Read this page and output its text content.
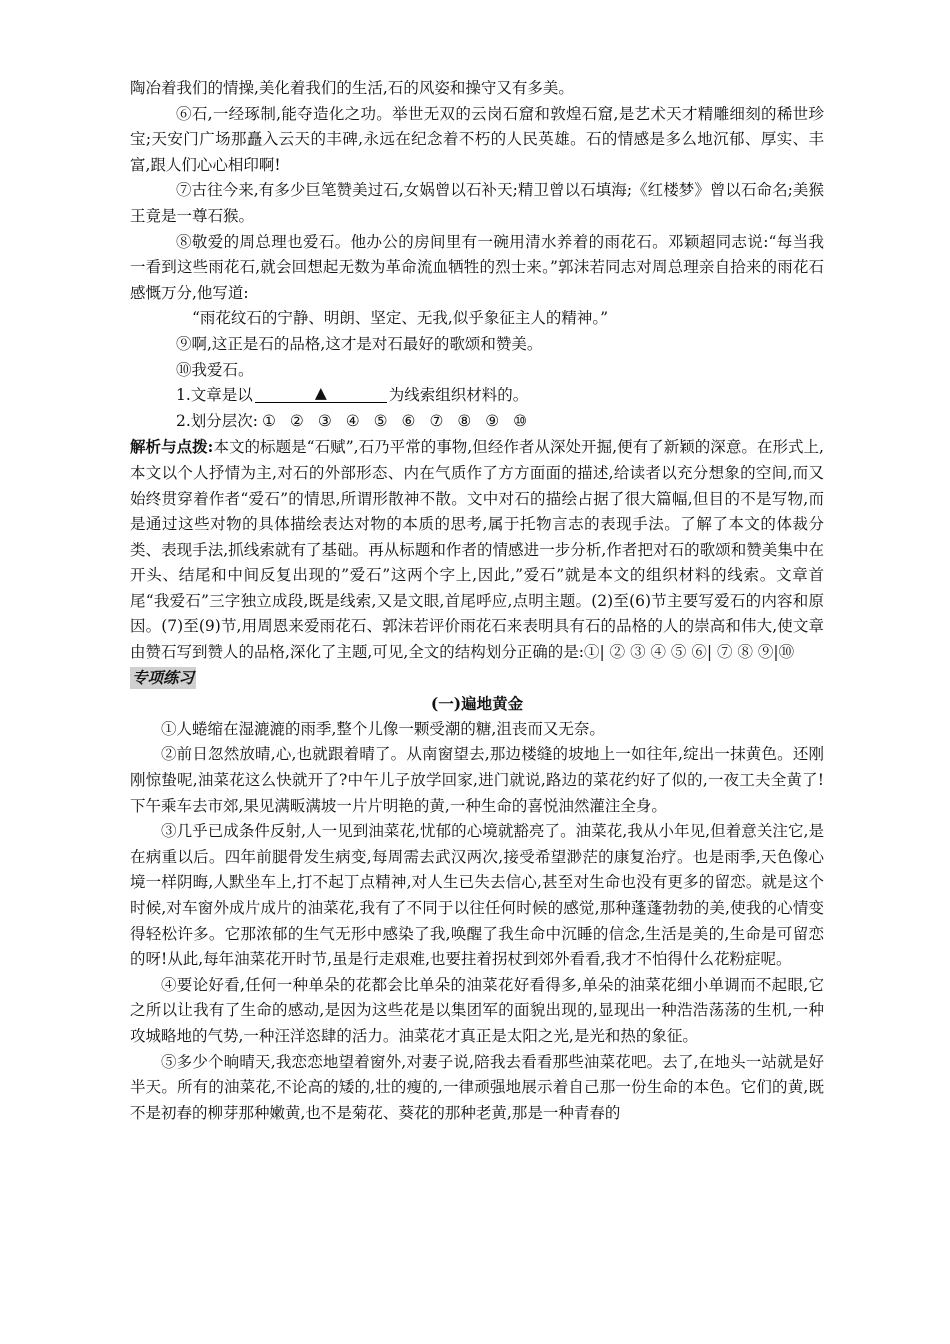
陶冶着我们的情操,美化着我们的生活,石的风姿和操守又有多美。

⑥石,一经琢制,能夺造化之功。举世无双的云岗石窟和敦煌石窟,是艺术天才精雕细刻的稀世珍宝;天安门广场那矗入云天的丰碑,永远在纪念着不朽的人民英雄。石的情感是多么地沉郁、厚实、丰富,跟人们心心相印啊!

⑦古往今来,有多少巨笔赞美过石,女娲曾以石补天;精卫曾以石填海;《红楼梦》曾以石命名;美猴王竟是一尊石猴。

⑧敬爱的周总理也爱石。他办公的房间里有一碗用清水养着的雨花石。邓颖超同志说:“每当我一看到这些雨花石,就会回想起无数为革命流血牺牲的烈士来。”郭沫若同志对周总理亲自拾来的雨花石感慨万分,他写道:

“雨花纹石的宁静、明朗、坚定、无我,似乎象征主人的精神。”

⑨啊,这正是石的品格,这才是对石最好的歌颂和赞美。

⑩我爱石。

1.文章是以	▲	为线索组织材料的。

2.划分层次: ① ② ③ ④ ⑤ ⑥ ⑦ ⑧ ⑨ ⑩

解析与点拨:本文的标题是“石赋”,石乃平常的事物,但经作者从深处开掘,便有了新颖的深意。在形式上,本文以个人抒情为主,对石的外部形态、内在气质作了方方面面的描述,给读者以充分想象的空间,而又始终贯穿着作者“爱石”的情思,所谓形散神不散。文中对石的描绘占据了很大篇幅,但目的不是写物,而是通过这些对物的具体描绘表达对物的本质的思考,属于托物言志的表现手法。了解了本文的体裁分类、表现手法,抓线索就有了基础。再从标题和作者的情感进一步分析,作者把对石的歌颂和赞美集中在开头、结尾和中间反复出现的”爱石”这两个字上,因此,”爱石”就是本文的组织材料的线索。文章首尾“我爱石”三字独立成段,既是线索,又是文眼,首尾呼应,点明主题。(2)至(6)节主要写爱石的内容和原因。(7)至(9)节,用周恩来爱雨花石、郭沫若评价雨花石来表明具有石的品格的人的崇高和伟大,使文章由赞石写到赞人的品格,深化了主题,可见,全文的结构划分正确的是:①| ② ③ ④ ⑤ ⑥| ⑦ ⑧ ⑨|⑩

专项练习

(一)遍地黄金

①人蜷缩在湿漉漉的雨季,整个儿像一颗受潮的糖,沮丧而又无奈。

②前日忽然放晴,心,也就跟着晴了。从南窗望去,那边楼缝的坡地上一如往年,绽出一抹黄色。还刚刚惊蛰呢,油菜花这么快就开了?中午儿子放学回家,进门就说,路边的菜花约好了似的,一夜工夫全黄了!下午乘车去市郊,果见满畈满坡一片片明艳的黄,一种生命的喜悦油然灌注全身。

③几乎已成条件反射,人一见到油菜花,忧郁的心境就豁亮了。油菜花,我从小年见,但着意关注它,是在病重以后。四年前腿骨发生病变,每周需去武汉两次,接受希望渺茫的康复治疗。也是雨季,天色像心境一样阴晦,人默坐车上,打不起丁点精神,对人生已失去信心,甚至对生命也没有更多的留恋。就是这个时候,对车窗外成片成片的油菜花,我有了不同于以往任何时候的感觉,那种蓬蓬勃勃的美,使我的心情变得轻松许多。它那浓郁的生气无形中感染了我,唤醒了我生命中沉睡的信念,生活是美的,生命是可留恋的呀!从此,每年油菜花开时节,虽是行走艰难,也要拄着拐杖到郊外看看,我才不怕得什么花粉症呢。

④要论好看,任何一种单朵的花都会比单朵的油菜花好看得多,单朵的油菜花细小单调而不起眼,它之所以让我有了生命的感动,是因为这些花是以集团军的面貌出现的,显现出一种浩浩荡荡的生机,一种攻城略地的气势,一种汪洋恣肆的活力。油菜花才真正是太阳之光,是光和热的象征。

⑤多少个晌晴天,我恋恋地望着窗外,对妻子说,陪我去看看那些油菜花吧。去了,在地头一站就是好半天。所有的油菜花,不论高的矮的,壮的瘦的,一律顽强地展示着自己那一份生命的本色。它们的黄,既不是初春的柳芽那种嫩黄,也不是菊花、葵花的那种老黄,那是一种青春的
